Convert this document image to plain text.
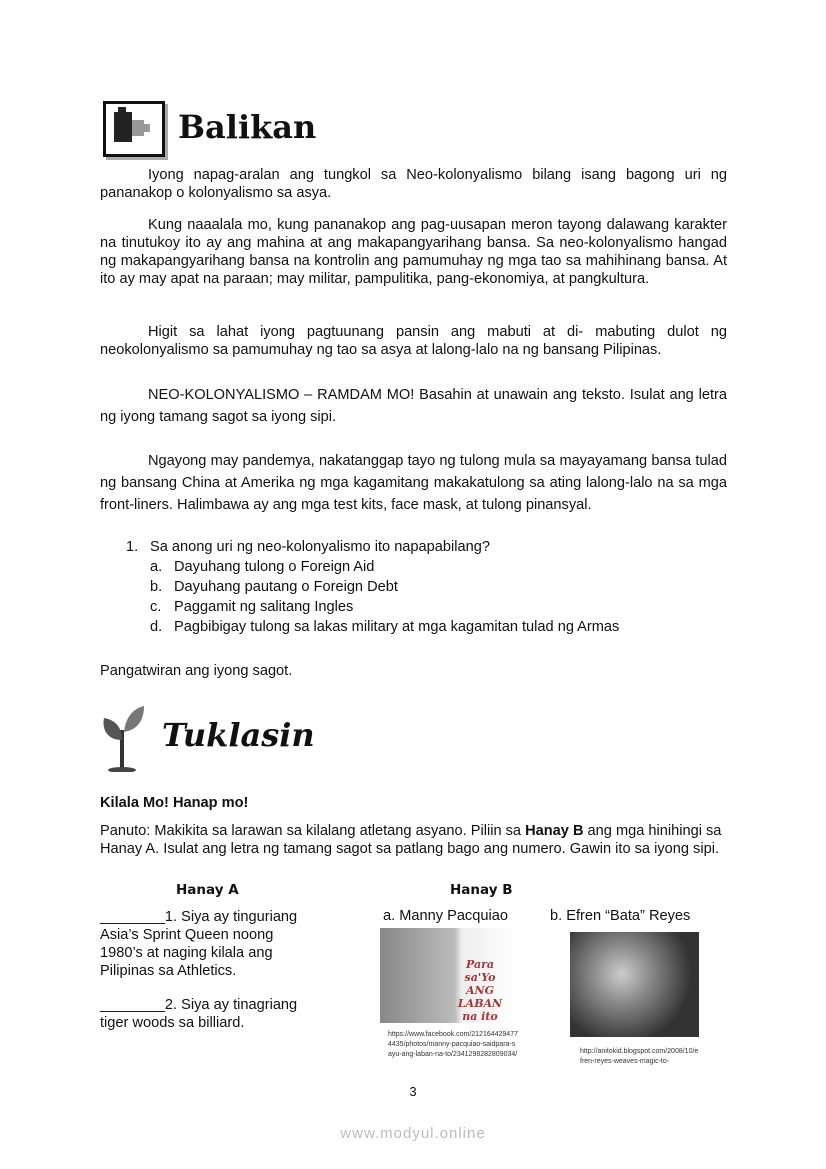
Balikan

Iyong napag-aralan ang tungkol sa Neo-kolonyalismo bilang isang bagong uri ng pananakop o kolonyalismo sa asya.

Kung naaalala mo, kung pananakop ang pag-uusapan meron tayong dalawang karakter na tinutukoy ito ay ang mahina at ang makapangyarihang bansa. Sa neo-kolonyalismo hangad ng makapangyarihang bansa na kontrolin ang pamumuhay ng mga tao sa mahihinang bansa. At ito ay may apat na paraan; may militar, pampulitika, pang-ekonomiya, at pangkultura.

Higit sa lahat iyong pagtuunang pansin ang mabuti at di- mabuting dulot ng neokolonyalismo sa pamumuhay ng tao sa asya at lalong-lalo na ng bansang Pilipinas.

NEO-KOLONYALISMO – RAMDAM MO! Basahin at unawain ang teksto. Isulat ang letra ng iyong tamang sagot sa iyong sipi.

Ngayong may pandemya, nakatanggap tayo ng tulong mula sa mayayamang bansa tulad ng bansang China at Amerika ng mga kagamitang makakatulong sa ating lalong-lalo na sa mga front-liners. Halimbawa ay ang mga test kits, face mask, at tulong pinansyal.

1. Sa anong uri ng neo-kolonyalismo ito napapabilang?
a. Dayuhang tulong o Foreign Aid
b. Dayuhang pautang o Foreign Debt
c. Paggamit ng salitang Ingles
d. Pagbibigay tulong sa lakas military at mga kagamitan tulad ng Armas

Pangatwiran ang iyong sagot.

Tuklasin

Kilala Mo! Hanap mo!

Panuto: Makikita sa larawan sa kilalang atletang asyano. Piliin sa Hanay B ang mga hinihingi sa Hanay A. Isulat ang letra ng tamang sagot sa patlang bago ang numero. Gawin ito sa iyong sipi.

Hanay A	Hanay B
________1. Siya ay tinguriang Asia’s Sprint Queen noong 1980’s at naging kilala ang Pilipinas sa Athletics.
________2. Siya ay tinagriang tiger woods sa billiard.
a. Manny Pacquiao	b. Efren “Bata” Reyes
Para sa'Yo ANG LABAN na ito
https://www.facebook.com/2121644294774435/photos/manny-pacquiao-saidpara-sayu-ang-laban-na-to/2341298282809034/	http://anitokid.blogspot.com/2008/10/efren-reyes-weaves-magic-to-
3
www.modyul.online
